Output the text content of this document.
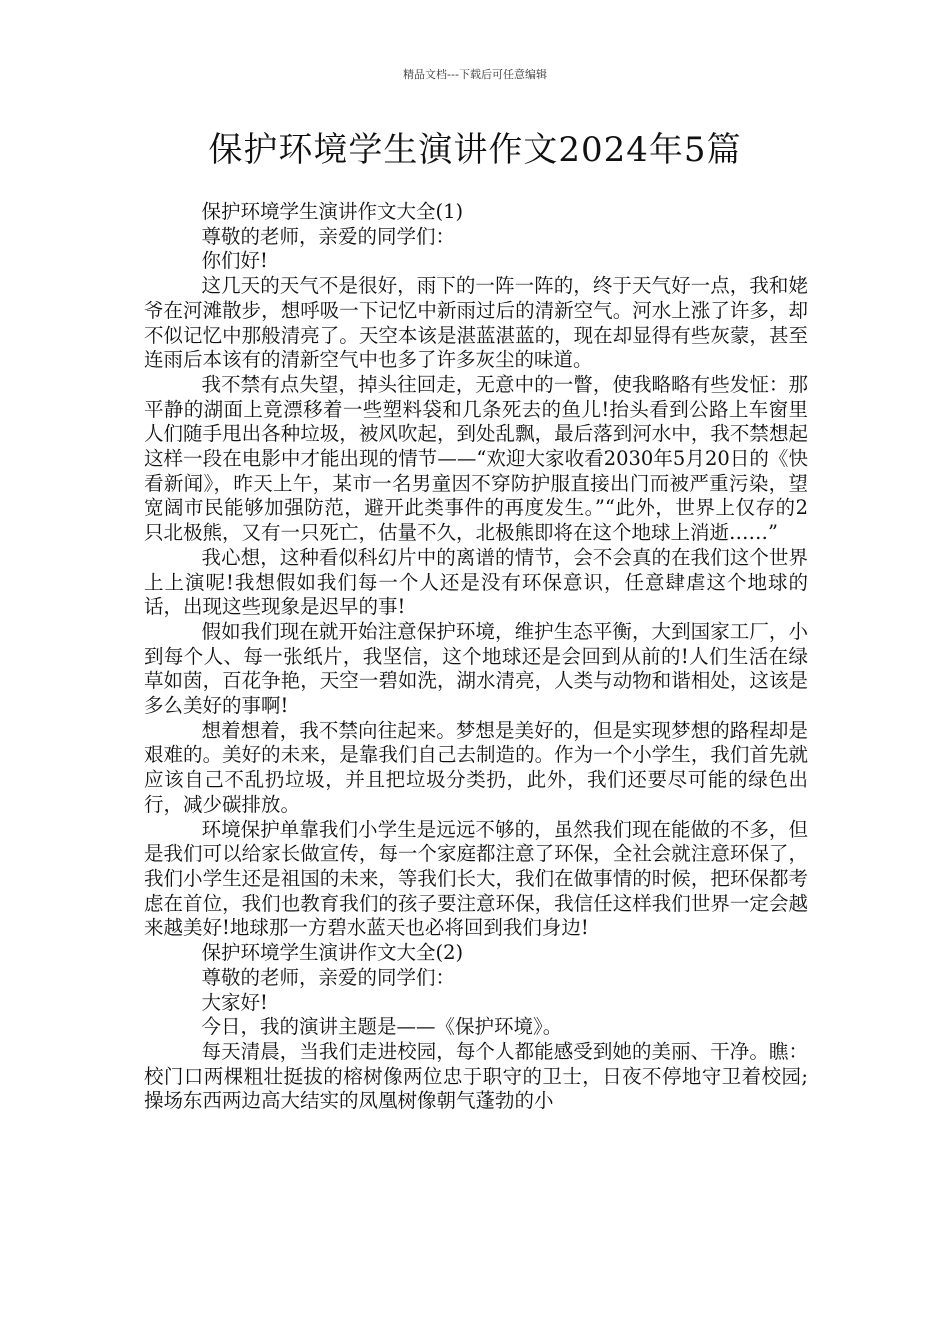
精品文档---下载后可任意编辑
保护环境学生演讲作文2024年5篇

保护环境学生演讲作文大全(1)

尊敬的老师，亲爱的同学们：

你们好!

这几天的天气不是很好，雨下的一阵一阵的，终于天气好一点，我和姥爷在河滩散步，想呼吸一下记忆中新雨过后的清新空气。河水上涨了许多，却不似记忆中那般清亮了。天空本该是湛蓝湛蓝的，现在却显得有些灰蒙，甚至连雨后本该有的清新空气中也多了许多灰尘的味道。

我不禁有点失望，掉头往回走，无意中的一瞥，使我略略有些发怔：那平静的湖面上竟漂移着一些塑料袋和几条死去的鱼儿!抬头看到公路上车窗里人们随手甩出各种垃圾，被风吹起，到处乱飘，最后落到河水中，我不禁想起这样一段在电影中才能出现的情节——“欢迎大家收看2030年5月20日的《快看新闻》，昨天上午，某市一名男童因不穿防护服直接出门而被严重污染，望宽阔市民能够加强防范，避开此类事件的再度发生。”“此外，世界上仅存的2只北极熊，又有一只死亡，估量不久，北极熊即将在这个地球上消逝……”

我心想，这种看似科幻片中的离谱的情节，会不会真的在我们这个世界上上演呢!我想假如我们每一个人还是没有环保意识，任意肆虐这个地球的话，出现这些现象是迟早的事!

假如我们现在就开始注意保护环境，维护生态平衡，大到国家工厂，小到每个人、每一张纸片，我坚信，这个地球还是会回到从前的!人们生活在绿草如茵，百花争艳，天空一碧如洗，湖水清亮，人类与动物和谐相处，这该是多么美好的事啊!

想着想着，我不禁向往起来。梦想是美好的，但是实现梦想的路程却是艰难的。美好的未来，是靠我们自己去制造的。作为一个小学生，我们首先就应该自己不乱扔垃圾，并且把垃圾分类扔，此外，我们还要尽可能的绿色出行，减少碳排放。

环境保护单靠我们小学生是远远不够的，虽然我们现在能做的不多，但是我们可以给家长做宣传，每一个家庭都注意了环保，全社会就注意环保了，我们小学生还是祖国的未来，等我们长大，我们在做事情的时候，把环保都考虑在首位，我们也教育我们的孩子要注意环保，我信任这样我们世界一定会越来越美好!地球那一方碧水蓝天也必将回到我们身边!

保护环境学生演讲作文大全(2)

尊敬的老师，亲爱的同学们：

大家好!

今日，我的演讲主题是——《保护环境》。

每天清晨，当我们走进校园，每个人都能感受到她的美丽、干净。瞧：校门口两棵粗壮挺拔的榕树像两位忠于职守的卫士，日夜不停地守卫着校园;操场东西两边高大结实的凤凰树像朝气蓬勃的小
